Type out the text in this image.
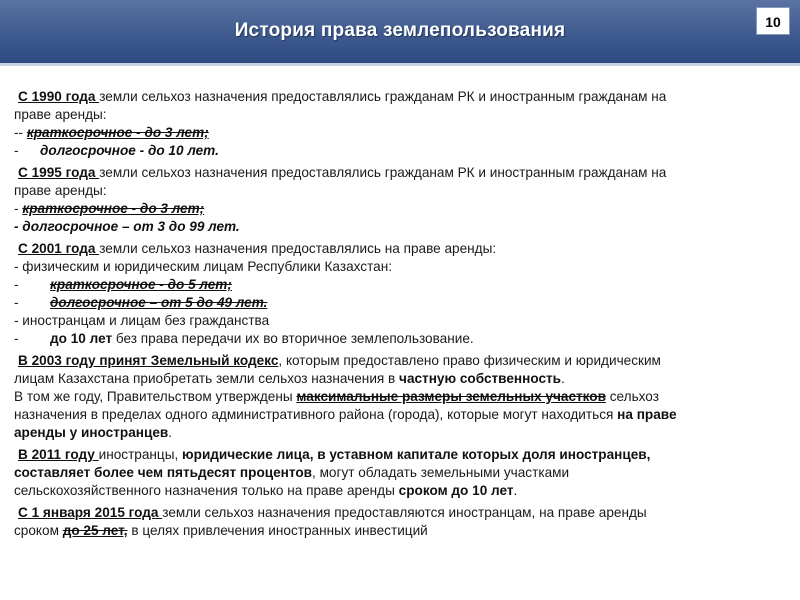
История права землепользования	10
С 1990 года земли сельхоз назначения предоставлялись гражданам РК и иностранным гражданам на
праве аренды:
-- краткосрочное - до 3 лет;
-долгосрочное - до 10 лет.
С 1995 года земли сельхоз назначения предоставлялись гражданам РК и иностранным гражданам на
праве аренды:
- краткосрочное - до 3 лет;
- долгосрочное – от 3 до 99 лет.
С 2001 года земли сельхоз назначения предоставлялись на праве аренды:
- физическим и юридическим лицам Республики Казахстан:
- краткосрочное - до 5 лет;
- долгосрочное – от 5 до 49 лет.
- иностранцам и лицам без гражданства
- до 10 лет без права передачи их во вторичное землепользование.
В 2003 году принят Земельный кодекс, которым предоставлено право физическим и юридическим
лицам Казахстана приобретать земли сельхоз назначения в частную собственность.
В том же году, Правительством утверждены максимальные размеры земельных участков сельхоз
назначения в пределах одного административного района (города), которые могут находиться на праве
аренды у иностранцев.
В 2011 году иностранцы, юридические лица, в уставном капитале которых доля иностранцев,
составляет более чем пятьдесят процентов, могут обладать земельными участками
сельскохозяйственного назначения только на праве аренды сроком до 10 лет.
С 1 января 2015 года земли сельхоз назначения предоставляются иностранцам, на праве аренды
сроком до 25 лет, в целях привлечения иностранных инвестиций
